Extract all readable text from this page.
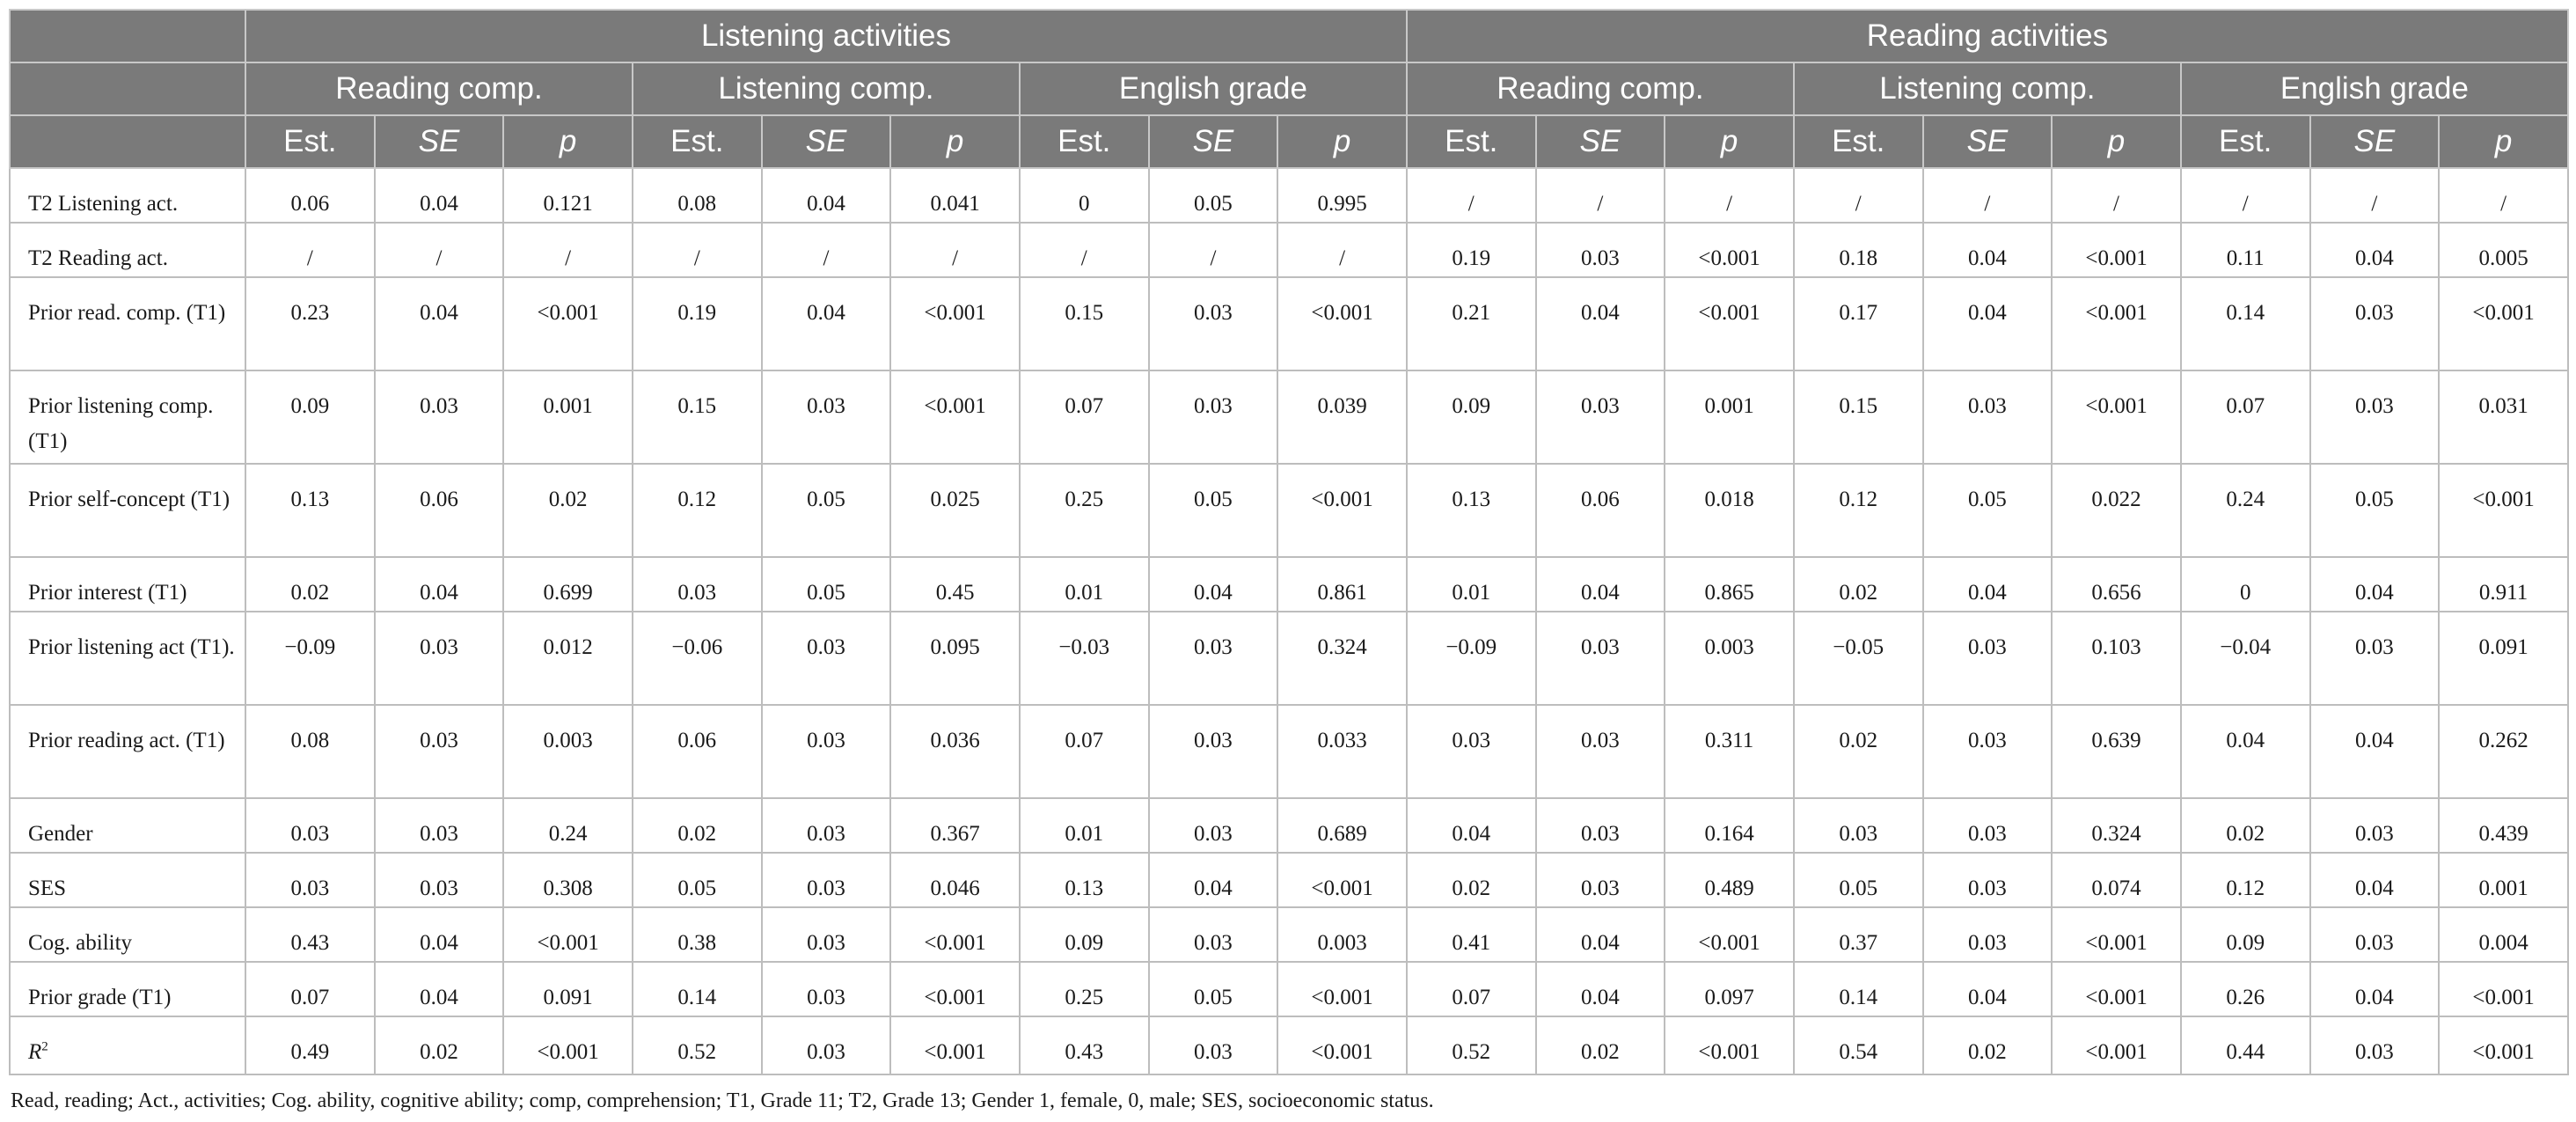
	Listening activities									Reading activities								
	Reading comp.			Listening comp.			English grade			Reading comp.			Listening comp.			English grade		
	Est.	SE	p	Est.	SE	p	Est.	SE	p	Est.	SE	p	Est.	SE	p	Est.	SE	p
T2 Listening act.	0.06	0.04	0.121	0.08	0.04	0.041	0	0.05	0.995	/	/	/	/	/	/	/	/	/
T2 Reading act.	/	/	/	/	/	/	/	/	/	0.19	0.03	<0.001	0.18	0.04	<0.001	0.11	0.04	0.005
Prior read. comp. (T1)	0.23	0.04	<0.001	0.19	0.04	<0.001	0.15	0.03	<0.001	0.21	0.04	<0.001	0.17	0.04	<0.001	0.14	0.03	<0.001
Prior listening comp. (T1)	0.09	0.03	0.001	0.15	0.03	<0.001	0.07	0.03	0.039	0.09	0.03	0.001	0.15	0.03	<0.001	0.07	0.03	0.031
Prior self-concept (T1)	0.13	0.06	0.02	0.12	0.05	0.025	0.25	0.05	<0.001	0.13	0.06	0.018	0.12	0.05	0.022	0.24	0.05	<0.001
Prior interest (T1)	0.02	0.04	0.699	0.03	0.05	0.45	0.01	0.04	0.861	0.01	0.04	0.865	0.02	0.04	0.656	0	0.04	0.911
Prior listening act (T1).	−0.09	0.03	0.012	−0.06	0.03	0.095	−0.03	0.03	0.324	−0.09	0.03	0.003	−0.05	0.03	0.103	−0.04	0.03	0.091
Prior reading act. (T1)	0.08	0.03	0.003	0.06	0.03	0.036	0.07	0.03	0.033	0.03	0.03	0.311	0.02	0.03	0.639	0.04	0.04	0.262
Gender	0.03	0.03	0.24	0.02	0.03	0.367	0.01	0.03	0.689	0.04	0.03	0.164	0.03	0.03	0.324	0.02	0.03	0.439
SES	0.03	0.03	0.308	0.05	0.03	0.046	0.13	0.04	<0.001	0.02	0.03	0.489	0.05	0.03	0.074	0.12	0.04	0.001
Cog. ability	0.43	0.04	<0.001	0.38	0.03	<0.001	0.09	0.03	0.003	0.41	0.04	<0.001	0.37	0.03	<0.001	0.09	0.03	0.004
Prior grade (T1)	0.07	0.04	0.091	0.14	0.03	<0.001	0.25	0.05	<0.001	0.07	0.04	0.097	0.14	0.04	<0.001	0.26	0.04	<0.001
$R^2$	0.49	0.02	<0.001	0.52	0.03	<0.001	0.43	0.03	<0.001	0.52	0.02	<0.001	0.54	0.02	<0.001	0.44	0.03	<0.001
Read, reading; Act., activities; Cog. ability, cognitive ability; comp, comprehension; T1, Grade 11; T2, Grade 13; Gender 1, female, 0, male; SES, socioeconomic status.
